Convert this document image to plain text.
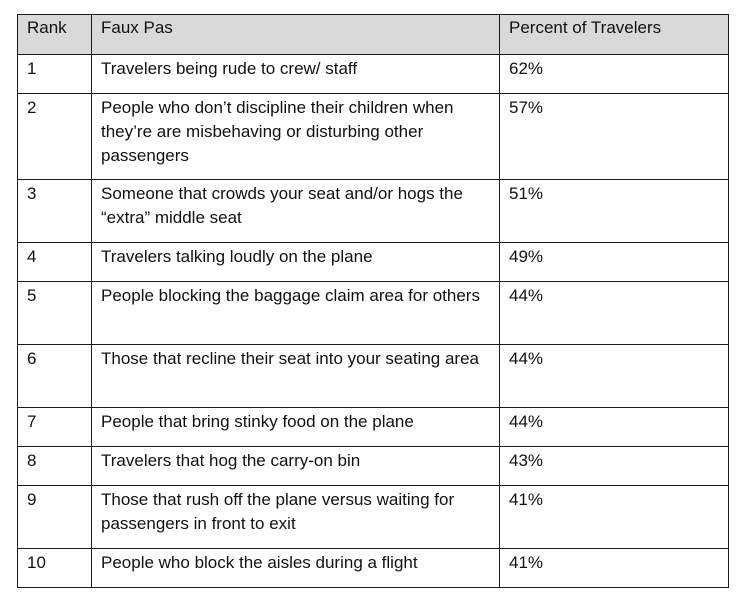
Rank	Faux Pas	Percent of Travelers
1	Travelers being rude to crew/ staff	62%
2	People who don’t discipline their children when they’re are misbehaving or disturbing other passengers	57%
3	Someone that crowds your seat and/or hogs the “extra” middle seat	51%
4	Travelers talking loudly on the plane	49%
5	People blocking the baggage claim area for others	44%
6	Those that recline their seat into your seating area	44%
7	People that bring stinky food on the plane	44%
8	Travelers that hog the carry-on bin	43%
9	Those that rush off the plane versus waiting for passengers in front to exit	41%
10	People who block the aisles during a flight	41%
